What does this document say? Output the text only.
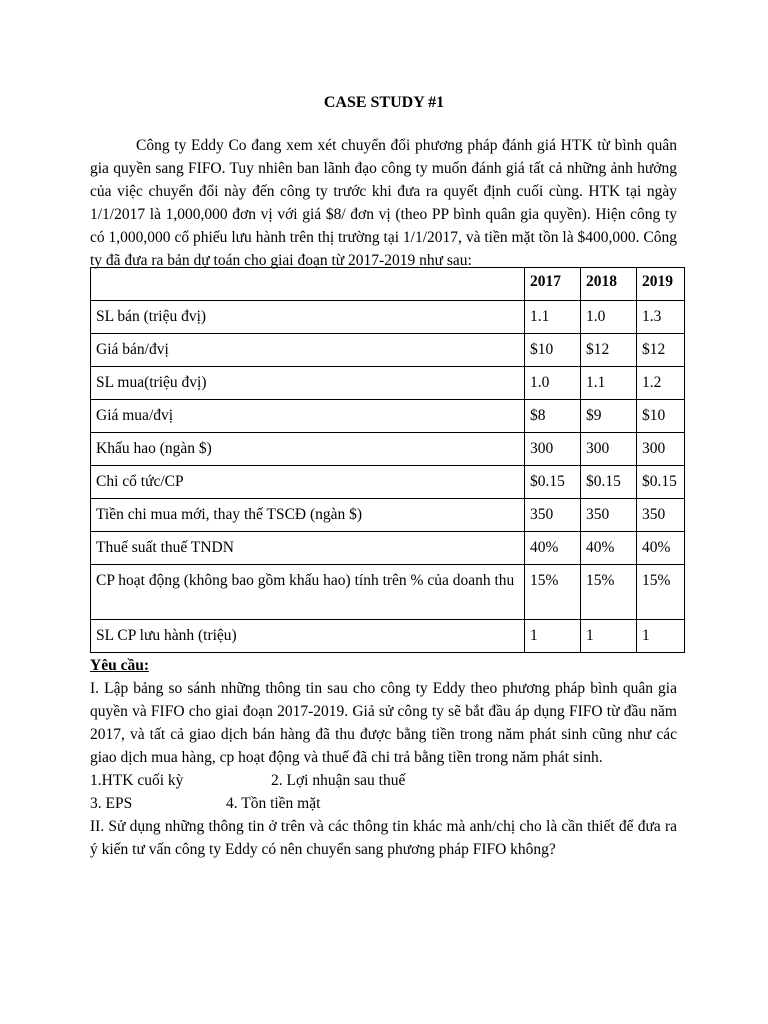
CASE STUDY #1
Công ty Eddy Co đang xem xét chuyển đổi phương pháp đánh giá HTK từ bình quân gia quyền sang FIFO. Tuy nhiên ban lãnh đạo công ty muốn đánh giá tất cả những ảnh hưởng của việc chuyển đổi này đến công ty trước khi đưa ra quyết định cuối cùng. HTK tại ngày 1/1/2017 là 1,000,000 đơn vị với giá $8/ đơn vị (theo PP bình quân gia quyền). Hiện công ty có 1,000,000 cổ phiếu lưu hành trên thị trường tại 1/1/2017, và tiền mặt tồn là $400,000. Công ty đã đưa ra bản dự toán cho giai đoạn từ 2017-2019 như sau:
	2017	2018	2019
SL bán (triệu đvị)	1.1	1.0	1.3
Giá bán/đvị	$10	$12	$12
SL mua(triệu đvị)	1.0	1.1	1.2
Giá mua/đvị	$8	$9	$10
Khấu hao (ngàn $)	300	300	300
Chi cổ tức/CP	$0.15	$0.15	$0.15
Tiền chi mua mới, thay thế TSCĐ (ngàn $)	350	350	350
Thuế suất thuế TNDN	40%	40%	40%
CP hoạt động (không bao gồm khấu hao) tính trên % của doanh thu	15%	15%	15%
SL CP lưu hành (triệu)	1	1	1
Yêu cầu:
I. Lập bảng so sánh những thông tin sau cho công ty Eddy theo phương pháp bình quân gia quyền và FIFO cho giai đoạn 2017-2019. Giả sử công ty sẽ bắt đầu áp dụng FIFO từ đầu năm 2017, và tất cả giao dịch bán hàng đã thu được bằng tiền trong năm phát sinh cũng như các giao dịch mua hàng, cp hoạt động và thuế đã chi trả bằng tiền trong năm phát sinh.
1.HTK cuối kỳ	2. Lợi nhuận sau thuế
3. EPS	4. Tồn tiền mặt
II. Sử dụng những thông tin ở trên và các thông tin khác mà anh/chị cho là cần thiết để đưa ra ý kiến tư vấn công ty Eddy có nên chuyển sang phương pháp FIFO không?
